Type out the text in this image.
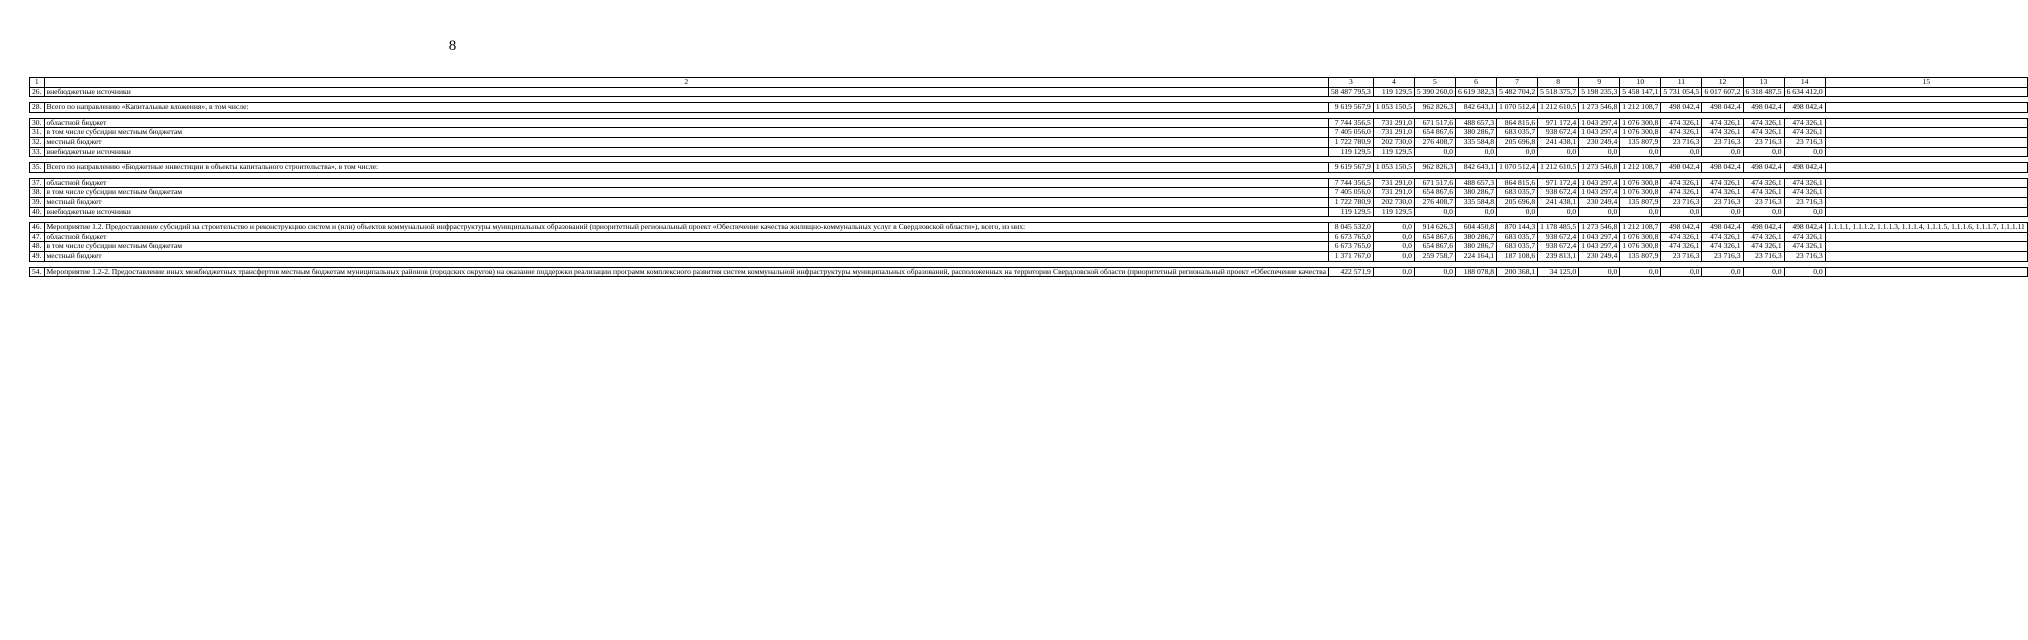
8
1	2	3	4	5	6	7	8	9	10	11	12	13	14	15
26.	внебюджетные источники	58 487 795,3	119 129,5	5 390 260,0	6 619 382,3	5 482 704,2	5 518 375,7	5 198 235,3	5 458 147,1	5 731 054,5	6 017 607,2	6 318 487,5	6 634 412,0	

28.	Всего по направлению «Капитальные вложения», в том числе:	9 619 567,9	1 053 150,5	962 826,3	842 643,1	1 070 512,4	1 212 610,5	1 273 546,8	1 212 108,7	498 042,4	498 042,4	498 042,4	498 042,4	

30.	областной бюджет	7 744 356,5	731 291,0	671 517,6	488 657,3	864 815,6	971 172,4	1 043 297,4	1 076 300,8	474 326,1	474 326,1	474 326,1	474 326,1	
31.	в том числе субсидии местным бюджетам	7 405 056,0	731 291,0	654 867,6	380 286,7	683 035,7	938 672,4	1 043 297,4	1 076 300,8	474 326,1	474 326,1	474 326,1	474 326,1	
32.	местный бюджет	1 722 780,9	202 730,0	276 408,7	335 584,8	205 696,8	241 438,1	230 249,4	135 807,9	23 716,3	23 716,3	23 716,3	23 716,3	
33.	внебюджетные источники	119 129,5	119 129,5	0,0	0,0	0,0	0,0	0,0	0,0	0,0	0,0	0,0	0,0	

35.	Всего по направлению «Бюджетные инвестиции в объекты капитального строительства», в том числе:	9 619 567,9	1 053 150,5	962 826,3	842 643,1	1 070 512,4	1 212 610,5	1 273 546,8	1 212 108,7	498 042,4	498 042,4	498 042,4	498 042,4	

37.	областной бюджет	7 744 356,5	731 291,0	671 517,6	488 657,3	864 815,6	971 172,4	1 043 297,4	1 076 300,8	474 326,1	474 326,1	474 326,1	474 326,1	
38.	в том числе субсидии местным бюджетам	7 405 056,0	731 291,0	654 867,6	380 286,7	683 035,7	938 672,4	1 043 297,4	1 076 300,8	474 326,1	474 326,1	474 326,1	474 326,1	
39.	местный бюджет	1 722 780,9	202 730,0	276 408,7	335 584,8	205 696,8	241 438,1	230 249,4	135 807,9	23 716,3	23 716,3	23 716,3	23 716,3	
40.	внебюджетные источники	119 129,5	119 129,5	0,0	0,0	0,0	0,0	0,0	0,0	0,0	0,0	0,0	0,0	

46.	Мероприятие 1.2. Предоставление субсидий на строительство и реконструкцию систем и (или) объектов коммунальной инфраструктуры муниципальных образований (приоритетный региональный проект «Обеспечение качества жилищно-коммунальных услуг в Свердловской области»), всего, из них:	8 045 532,0	0,0	914 626,3	604 450,8	870 144,3	1 178 485,5	1 273 546,8	1 212 108,7	498 042,4	498 042,4	498 042,4	498 042,4	1.1.1.1, 1.1.1.2, 1.1.1.3, 1.1.1.4, 1.1.1.5, 1.1.1.6, 1.1.1.7, 1.1.1.11
47.	областной бюджет	6 673 765,0	0,0	654 867,6	380 286,7	683 035,7	938 672,4	1 043 297,4	1 076 300,8	474 326,1	474 326,1	474 326,1	474 326,1	
48.	в том числе субсидии местным бюджетам	6 673 765,0	0,0	654 867,6	380 286,7	683 035,7	938 672,4	1 043 297,4	1 076 300,8	474 326,1	474 326,1	474 326,1	474 326,1	
49.	местный бюджет	1 371 767,0	0,0	259 758,7	224 164,1	187 108,6	239 813,1	230 249,4	135 807,9	23 716,3	23 716,3	23 716,3	23 716,3	

54.	Мероприятие 1.2-2. Предоставление иных межбюджетных трансфертов местным бюджетам муниципальных районов (городских округов) на оказание поддержки реализации программ комплексного развития систем коммунальной инфраструктуры муниципальных образований, расположенных на территории Свердловской области (приоритетный региональный проект «Обеспечение качества	422 571,9	0,0	0,0	188 078,8	200 368,1	34 125,0	0,0	0,0	0,0	0,0	0,0	0,0	
